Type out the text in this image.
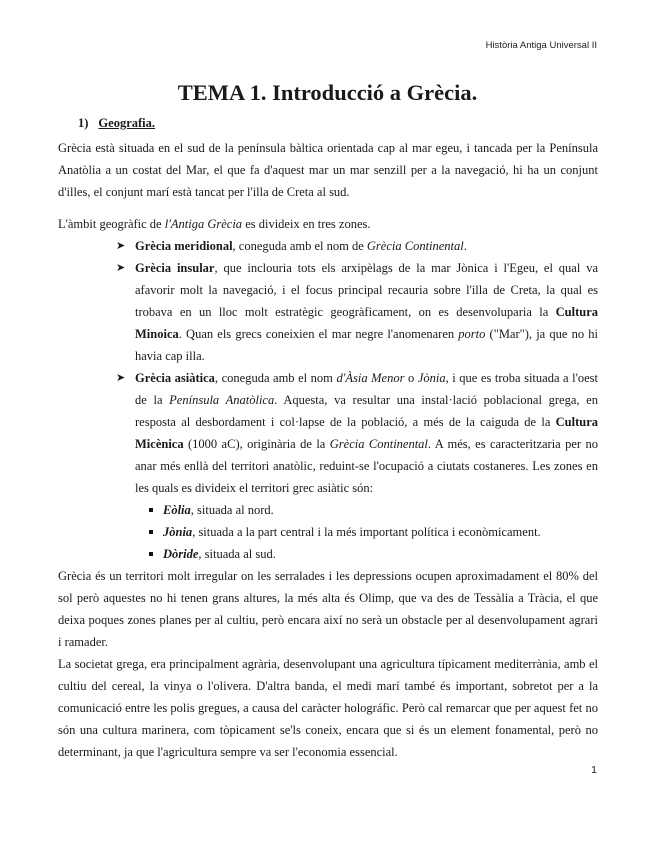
Història Antiga Universal II
TEMA 1. Introducció a Grècia.
1) Geografia.

Grècia està situada en el sud de la península bàltica orientada cap al mar egeu, i tancada per la Península Anatòlia a un costat del Mar, el que fa d'aquest mar un mar senzill per a la navegació, hi ha un conjunt d'illes, el conjunt marí està tancat per l'illa de Creta al sud.

L'àmbit geogràfic de l'Antiga Grècia es divideix en tres zones.

➤ Grècia meridional, coneguda amb el nom de Grècia Continental.
➤ Grècia insular, que inclouria tots els arxipèlags de la mar Jònica i l'Egeu, el qual va afavorir molt la navegació, i el focus principal recauria sobre l'illa de Creta, la qual es trobava en un lloc molt estratègic geogràficament, on es desenvoluparia la Cultura Minoica. Quan els grecs coneixien el mar negre l'anomenaren porto ("Mar"), ja que no hi havia cap illa.
➤ Grècia asiàtica, coneguda amb el nom d'Àsia Menor o Jònia, i que es troba situada a l'oest de la Península Anatòlica. Aquesta, va resultar una instal·lació poblacional grega, en resposta al desbordament i col·lapse de la població, a més de la caiguda de la Cultura Micènica (1000 aC), originària de la Grècia Continental. A més, es caracteritzaria per no anar més enllà del territori anatòlic, reduint-se l'ocupació a ciutats costaneres. Les zones en les quals es divideix el territori grec asiàtic són:
Eòlia, situada al nord.
Jònia, situada a la part central i la més important política i econòmicament.
Dòride, situada al sud.

Grècia és un territori molt irregular on les serralades i les depressions ocupen aproximadament el 80% del sol però aquestes no hi tenen grans altures, la més alta és Olimp, que va des de Tessàlia a Tràcia, el que deixa poques zones planes per al cultiu, però encara així no serà un obstacle per al desenvolupament agrari i ramader.

La societat grega, era principalment agrària, desenvolupant una agricultura típicament mediterrània, amb el cultiu del cereal, la vinya o l'olivera. D'altra banda, el medi marí també és important, sobretot per a la comunicació entre les polis gregues, a causa del caràcter holográfic. Però cal remarcar que per aquest fet no són una cultura marinera, com tòpicament se'ls coneix, encara que si és un element fonamental, però no determinant, ja que l'agricultura sempre va ser l'economia essencial.

1
